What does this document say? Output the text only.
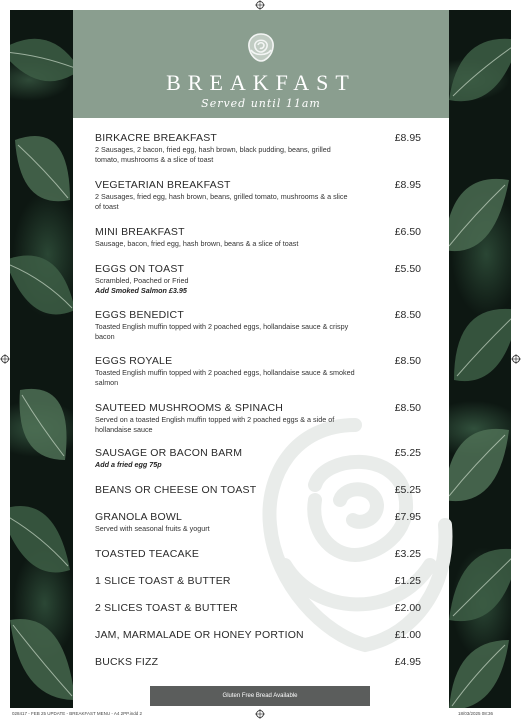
BREAKFAST
Served until 11am
BIRKACRE BREAKFAST	£8.95
2 Sausages, 2 bacon, fried egg, hash brown, black pudding, beans, grilled tomato, mushrooms & a slice of toast
VEGETARIAN BREAKFAST	£8.95
2 Sausages, fried egg, hash brown, beans, grilled tomato, mushrooms & a slice of toast
MINI BREAKFAST	£6.50
Sausage, bacon, fried egg, hash brown, beans & a slice of toast
EGGS ON TOAST	£5.50
Scrambled, Poached or Fried
Add Smoked Salmon £3.95
EGGS BENEDICT	£8.50
Toasted English muffin topped with 2 poached eggs, hollandaise sauce & crispy bacon
EGGS ROYALE	£8.50
Toasted English muffin topped with 2 poached eggs, hollandaise sauce & smoked salmon
SAUTEED MUSHROOMS & SPINACH	£8.50
Served on a toasted English muffin topped with 2 poached eggs & a side of hollandaise sauce
SAUSAGE OR BACON BARM	£5.25
Add a fried egg 75p
BEANS OR CHEESE ON TOAST	£5.25
GRANOLA BOWL	£7.95
Served with seasonal fruits & yogurt
TOASTED TEACAKE	£3.25
1 SLICE TOAST & BUTTER	£1.25
2 SLICES TOAST & BUTTER	£2.00
JAM, MARMALADE OR HONEY PORTION	£1.00
BUCKS FIZZ	£4.95
Gluten Free Bread Available
028417 - FEB 25 UPDATE - BREAKFAST MENU - A4 2PP.indd 2	18/03/2025 08:36
